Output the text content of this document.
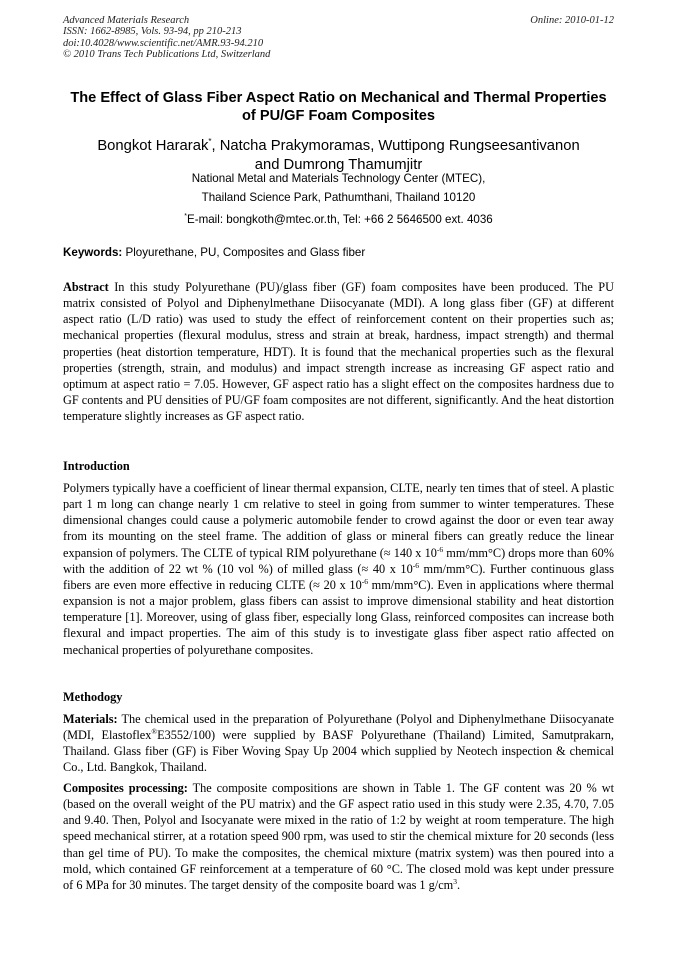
Advanced Materials Research
ISSN: 1662-8985, Vols. 93-94, pp 210-213
doi:10.4028/www.scientific.net/AMR.93-94.210
© 2010 Trans Tech Publications Ltd, Switzerland
Online: 2010-01-12
The Effect of Glass Fiber Aspect Ratio on Mechanical and Thermal Properties of PU/GF Foam Composites
Bongkot Hararak*, Natcha Prakymoramas, Wuttipong Rungseesantivanon
and Dumrong Thamumjitr
National Metal and Materials Technology Center (MTEC),
Thailand Science Park, Pathumthani, Thailand 10120
*E-mail: bongkoth@mtec.or.th, Tel: +66 2 5646500 ext. 4036
Keywords: Ployurethane, PU, Composites and Glass fiber
Abstract In this study Polyurethane (PU)/glass fiber (GF) foam composites have been produced. The PU matrix consisted of Polyol and Diphenylmethane Diisocyanate (MDI). A long glass fiber (GF) at different aspect ratio (L/D ratio) was used to study the effect of reinforcement content on their properties such as; mechanical properties (flexural modulus, stress and strain at break, hardness, impact strength) and thermal properties (heat distortion temperature, HDT). It is found that the mechanical properties such as the flexural properties (strength, strain, and modulus) and impact strength increase as increasing GF aspect ratio and optimum at aspect ratio = 7.05. However, GF aspect ratio has a slight effect on the composites hardness due to GF contents and PU densities of PU/GF foam composites are not different, significantly. And the heat distortion temperature slightly increases as GF aspect ratio.
Introduction
Polymers typically have a coefficient of linear thermal expansion, CLTE, nearly ten times that of steel. A plastic part 1 m long can change nearly 1 cm relative to steel in going from summer to winter temperatures. These dimensional changes could cause a polymeric automobile fender to crowd against the door or even tear away from its mounting on the steel frame. The addition of glass or mineral fibers can greatly reduce the linear expansion of polymers. The CLTE of typical RIM polyurethane (≈ 140 x $10^{-6}$ mm/mm°C) drops more than 60% with the addition of 22 wt % (10 vol %) of milled glass (≈ 40 x $10^{-6}$ mm/mm°C). Further continuous glass fibers are even more effective in reducing CLTE (≈ 20 x $10^{-6}$ mm/mm°C). Even in applications where thermal expansion is not a major problem, glass fibers can assist to improve dimensional stability and heat distortion temperature [1]. Moreover, using of glass fiber, especially long Glass, reinforced composites can increase both flexural and impact properties. The aim of this study is to investigate glass fiber aspect ratio affected on mechanical properties of polyurethane composites.
Methodogy
Materials: The chemical used in the preparation of Polyurethane (Polyol and Diphenylmethane Diisocyanate (MDI, Elastoflex®E3552/100) were supplied by BASF Polyurethane (Thailand) Limited, Samutprakarn, Thailand. Glass fiber (GF) is Fiber Woving Spay Up 2004 which supplied by Neotech inspection & chemical Co., Ltd. Bangkok, Thailand.
Composites processing: The composite compositions are shown in Table 1. The GF content was 20 % wt (based on the overall weight of the PU matrix) and the GF aspect ratio used in this study were 2.35, 4.70, 7.05 and 9.40. Then, Polyol and Isocyanate were mixed in the ratio of 1:2 by weight at room temperature. The high speed mechanical stirrer, at a rotation speed 900 rpm, was used to stir the chemical mixture for 20 seconds (less than gel time of PU). To make the composites, the chemical mixture (matrix system) was then poured into a mold, which contained GF reinforcement at a temperature of 60 °C. The closed mold was kept under pressure of 6 MPa for 30 minutes. The target density of the composite board was 1 $g/cm^3$.
